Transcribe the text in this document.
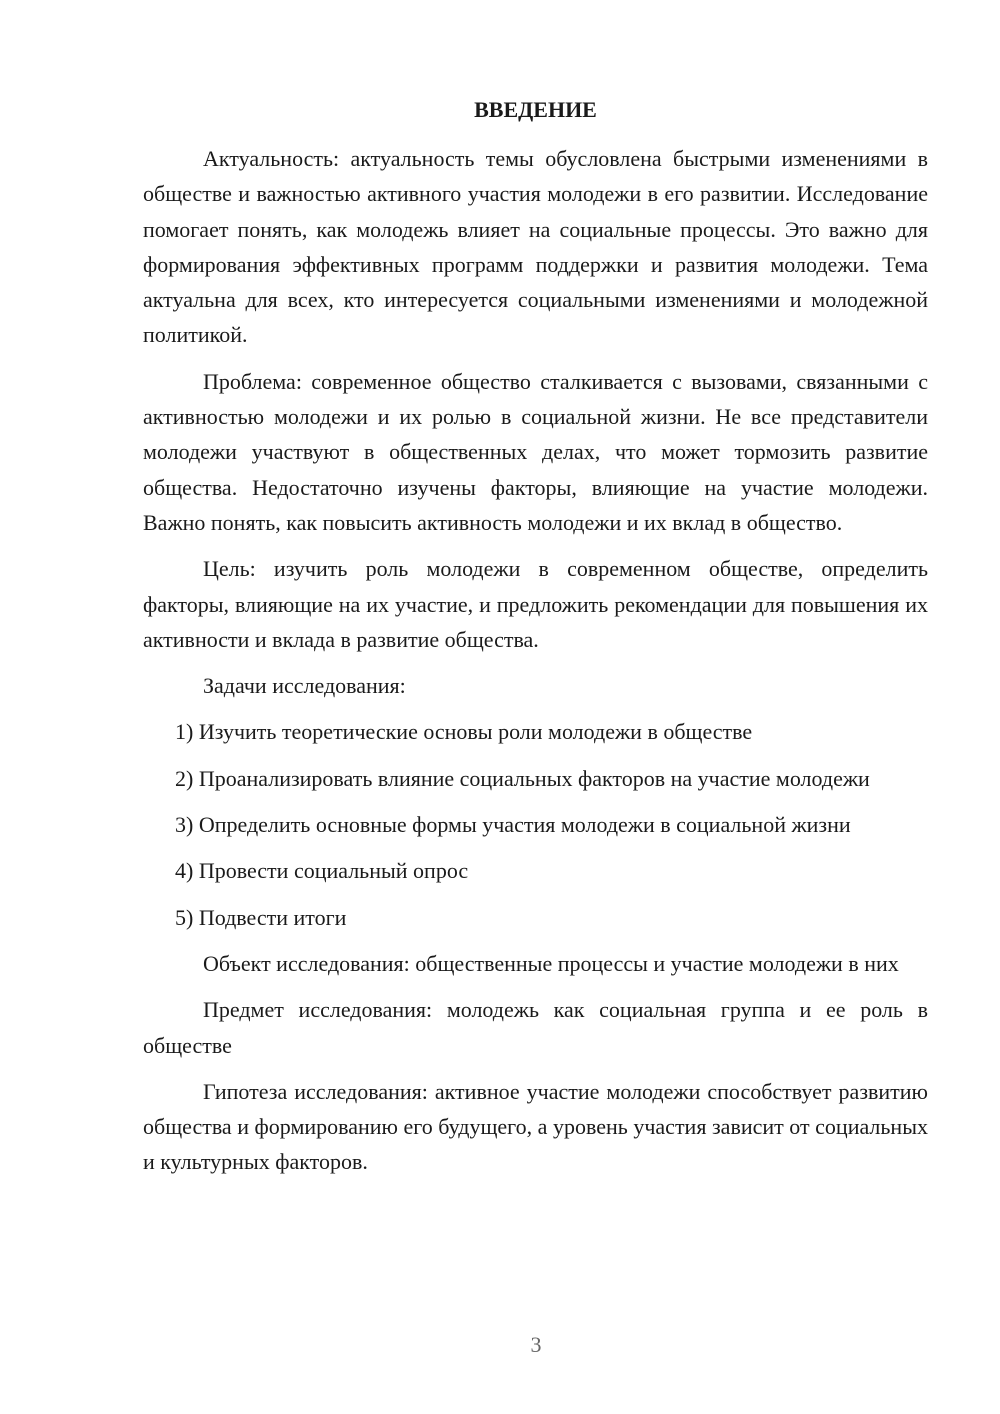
ВВЕДЕНИЕ

Актуальность: актуальность темы обусловлена быстрыми изменениями в обществе и важностью активного участия молодежи в его развитии. Исследование помогает понять, как молодежь влияет на социальные процессы. Это важно для формирования эффективных программ поддержки и развития молодежи. Тема актуальна для всех, кто интересуется социальными изменениями и молодежной политикой.

Проблема: современное общество сталкивается с вызовами, связанными с активностью молодежи и их ролью в социальной жизни. Не все представители молодежи участвуют в общественных делах, что может тормозить развитие общества. Недостаточно изучены факторы, влияющие на участие молодежи. Важно понять, как повысить активность молодежи и их вклад в общество.

Цель: изучить роль молодежи в современном обществе, определить факторы, влияющие на их участие, и предложить рекомендации для повышения их активности и вклада в развитие общества.

Задачи исследования:

1) Изучить теоретические основы роли молодежи в обществе

2) Проанализировать влияние социальных факторов на участие молодежи

3) Определить основные формы участия молодежи в социальной жизни

4) Провести социальный опрос

5) Подвести итоги

Объект исследования: общественные процессы и участие молодежи в них

Предмет исследования: молодежь как социальная группа и ее роль в обществе

Гипотеза исследования: активное участие молодежи способствует развитию общества и формированию его будущего, а уровень участия зависит от социальных и культурных факторов.

3
